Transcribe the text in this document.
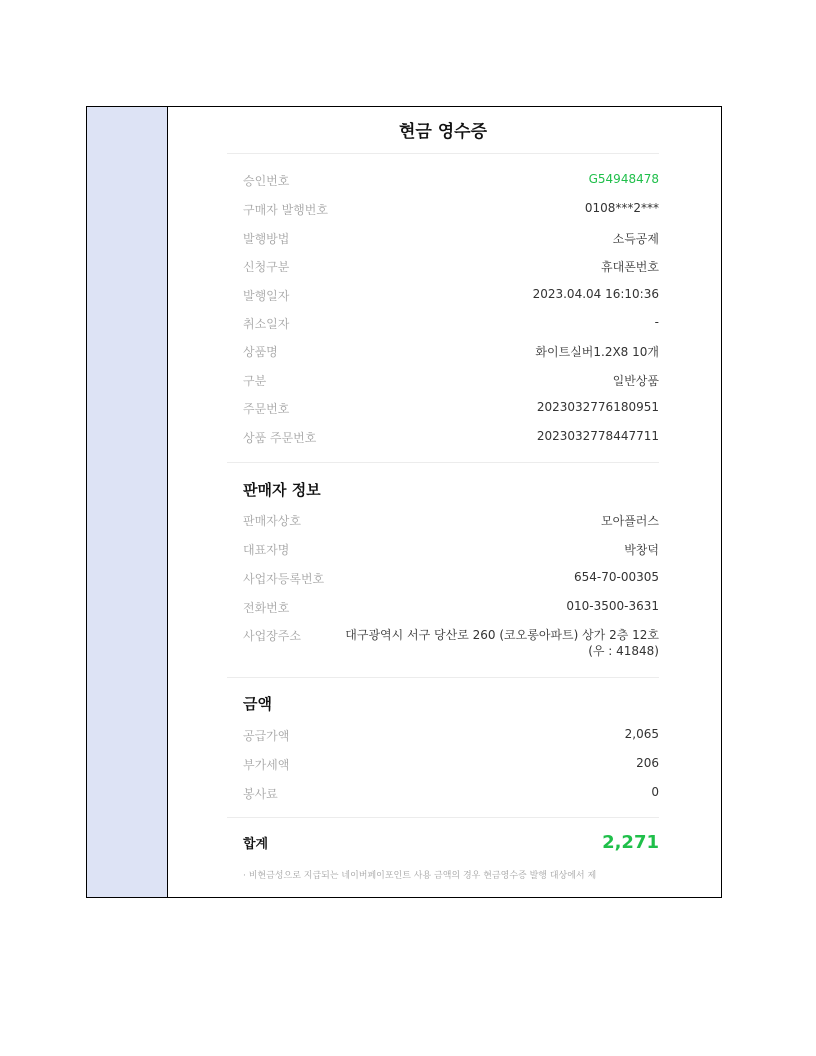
현금 영수증
승인번호	G54948478
구매자 발행번호	0108***2***
발행방법	소득공제
신청구분	휴대폰번호
발행일자	2023.04.04 16:10:36
취소일자	-
상품명	화이트실버1.2X8 10개
구분	일반상품
주문번호	2023032776180951
상품 주문번호	2023032778447711
판매자 정보
판매자상호	모아플러스
대표자명	박창덕
사업자등록번호	654-70-00305
전화번호	010-3500-3631
사업장주소	대구광역시 서구 당산로 260 (코오롱아파트) 상가 2층 12호 (우 : 41848)
금액
공급가액	2,065
부가세액	206
봉사료	0
합계	2,271
· 비현금성으로 지급되는 네이버페이포인트 사용 금액의 경우 현금영수증 발행 대상에서 제
